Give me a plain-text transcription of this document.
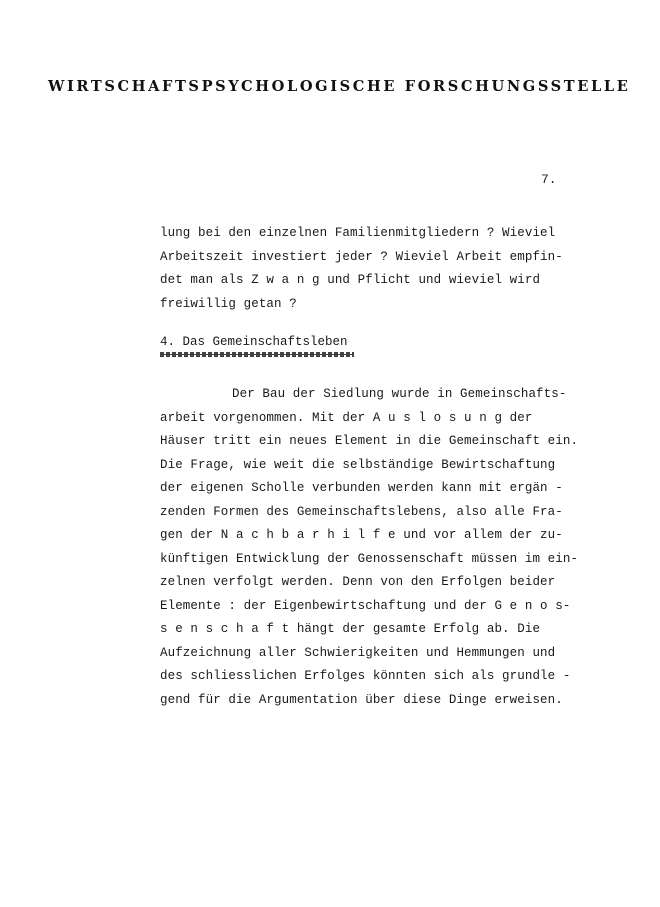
WIRTSCHAFTSPSYCHOLOGISCHE FORSCHUNGSSTELLE
7.
lung bei den einzelnen Familienmitgliedern ? Wieviel
Arbeitszeit investiert jeder ? Wieviel Arbeit empfin-
det man als Z w a n g und Pflicht und wieviel wird
freiwillig getan ?
4. Das Gemeinschaftsleben
Der Bau der Siedlung wurde in Gemeinschafts-
arbeit vorgenommen. Mit der A u s l o s u n g der
Häuser tritt ein neues Element in die Gemeinschaft ein.
Die Frage, wie weit die selbständige Bewirtschaftung
der eigenen Scholle verbunden werden kann mit ergän -
zenden Formen des Gemeinschaftslebens, also alle Fra-
gen der N a c h b a r h i l f e und vor allem der zu-
künftigen Entwicklung der Genossenschaft müssen im ein-
zelnen verfolgt werden. Denn von den Erfolgen beider
Elemente : der Eigenbewirtschaftung und der G e n o s-
s e n s c h a f t hängt der gesamte Erfolg ab. Die
Aufzeichnung aller Schwierigkeiten und Hemmungen und
des schliesslichen Erfolges könnten sich als grundle -
gend für die Argumentation über diese Dinge erweisen.
